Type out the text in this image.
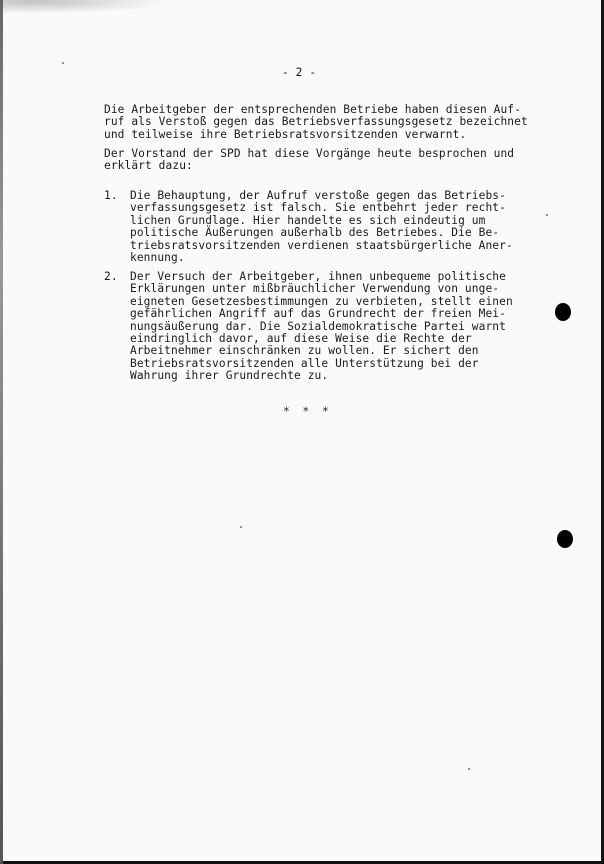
- 2 -
Die Arbeitgeber der entsprechenden Betriebe haben diesen Auf-
ruf als Verstoß gegen das Betriebsverfassungsgesetz bezeichnet
und teilweise ihre Betriebsratsvorsitzenden verwarnt.
Der Vorstand der SPD hat diese Vorgänge heute besprochen und
erklärt dazu:

1.

Die Behauptung, der Aufruf verstoße gegen das Betriebs-
verfassungsgesetz ist falsch. Sie entbehrt jeder recht-
lichen Grundlage. Hier handelte es sich eindeutig um
politische Äußerungen außerhalb des Betriebes. Die Be-
triebsratsvorsitzenden verdienen staatsbürgerliche Aner-
kennung.

2.

Der Versuch der Arbeitgeber, ihnen unbequeme politische
Erklärungen unter mißbräuchlicher Verwendung von unge-
eigneten Gesetzesbestimmungen zu verbieten, stellt einen
gefährlichen Angriff auf das Grundrecht der freien Mei-
nungsäußerung dar. Die Sozialdemokratische Partei warnt
eindringlich davor, auf diese Weise die Rechte der
Arbeitnehmer einschränken zu wollen. Er sichert den
Betriebsratsvorsitzenden alle Unterstützung bei der
Wahrung ihrer Grundrechte zu.

* * *
